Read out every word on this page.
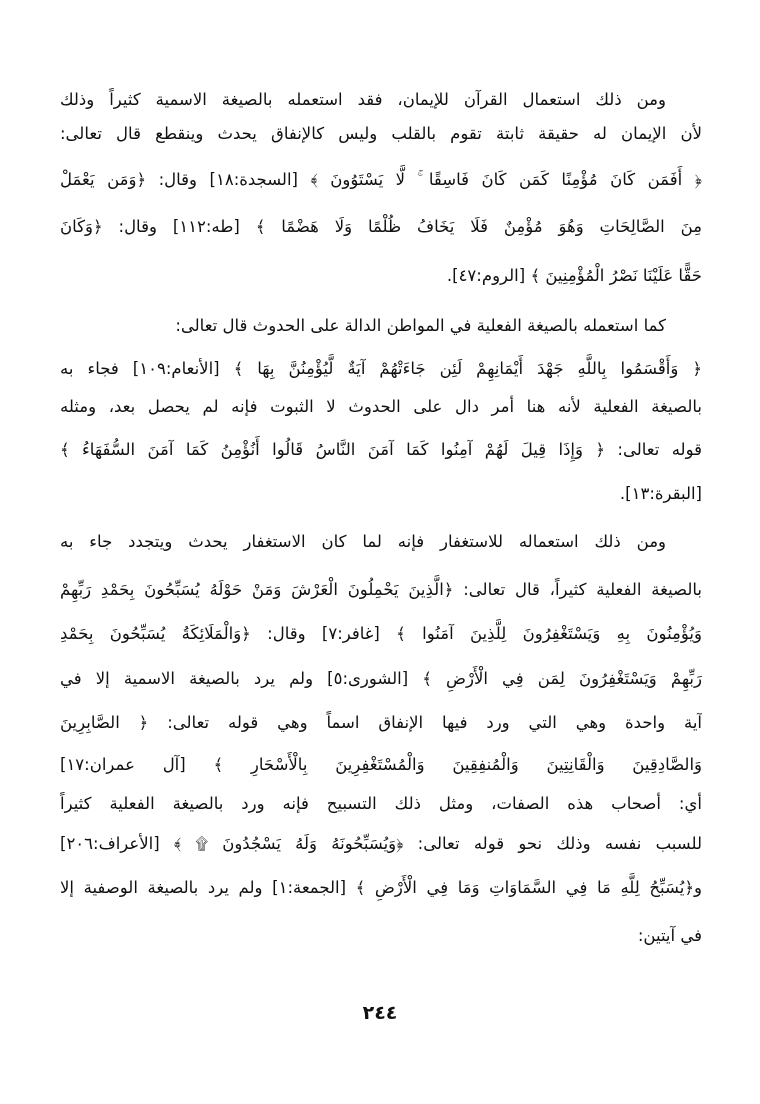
ومن ذلك استعمال القرآن للإيمان، فقد استعمله بالصيغة الاسمية كثيراً وذلك
لأن الإيمان له حقيقة ثابتة تقوم بالقلب وليس كالإنفاق يحدث وينقطع قال تعالى:
﴿ أَفَمَن كَانَ مُؤْمِنًا كَمَن كَانَ فَاسِقًا ۚ لَّا يَسْتَوُونَ ﴾ [السجدة:١٨] وقال: ﴿وَمَن يَعْمَلْ
مِنَ الصَّالِحَاتِ وَهُوَ مُؤْمِنٌ فَلَا يَخَافُ ظُلْمًا وَلَا هَضْمًا ﴾ [طه:١١٢] وقال: ﴿وَكَانَ
حَقًّا عَلَيْنَا نَصْرُ الْمُؤْمِنِينَ ﴾ [الروم:٤٧].
كما استعمله بالصيغة الفعلية في المواطن الدالة على الحدوث قال تعالى:
﴿ وَأَقْسَمُوا بِاللَّهِ جَهْدَ أَيْمَانِهِمْ لَئِن جَاءَتْهُمْ آيَةٌ لَّيُؤْمِنُنَّ بِهَا ﴾ [الأنعام:١٠٩] فجاء به
بالصيغة الفعلية لأنه هنا أمر دال على الحدوث لا الثبوت فإنه لم يحصل بعد، ومثله
قوله تعالى: ﴿ وَإِذَا قِيلَ لَهُمْ آمِنُوا كَمَا آمَنَ النَّاسُ قَالُوا أَنُؤْمِنُ كَمَا آمَنَ السُّفَهَاءُ ﴾
[البقرة:١٣].
ومن ذلك استعماله للاستغفار فإنه لما كان الاستغفار يحدث ويتجدد جاء به
بالصيغة الفعلية كثيراً، قال تعالى: ﴿الَّذِينَ يَحْمِلُونَ الْعَرْشَ وَمَنْ حَوْلَهُ يُسَبِّحُونَ بِحَمْدِ رَبِّهِمْ
وَيُؤْمِنُونَ بِهِ وَيَسْتَغْفِرُونَ لِلَّذِينَ آمَنُوا ﴾ [غافر:٧] وقال: ﴿وَالْمَلَائِكَةُ يُسَبِّحُونَ بِحَمْدِ
رَبِّهِمْ وَيَسْتَغْفِرُونَ لِمَن فِي الْأَرْضِ ﴾ [الشورى:٥] ولم يرد بالصيغة الاسمية إلا في
آية واحدة وهي التي ورد فيها الإنفاق اسماً وهي قوله تعالى: ﴿ الصَّابِرِينَ
وَالصَّادِقِينَ وَالْقَانِتِينَ وَالْمُنفِقِينَ وَالْمُسْتَغْفِرِينَ بِالْأَسْحَارِ ﴾ [آل عمران:١٧]
أي: أصحاب هذه الصفات، ومثل ذلك التسبيح فإنه ورد بالصيغة الفعلية كثيراً
للسبب نفسه وذلك نحو قوله تعالى: ﴿وَيُسَبِّحُونَهُ وَلَهُ يَسْجُدُونَ ۩ ﴾ [الأعراف:٢٠٦]
و﴿يُسَبِّحُ لِلَّهِ مَا فِي السَّمَاوَاتِ وَمَا فِي الْأَرْضِ ﴾ [الجمعة:١] ولم يرد بالصيغة الوصفية إلا
في آيتين:
٢٤٤
